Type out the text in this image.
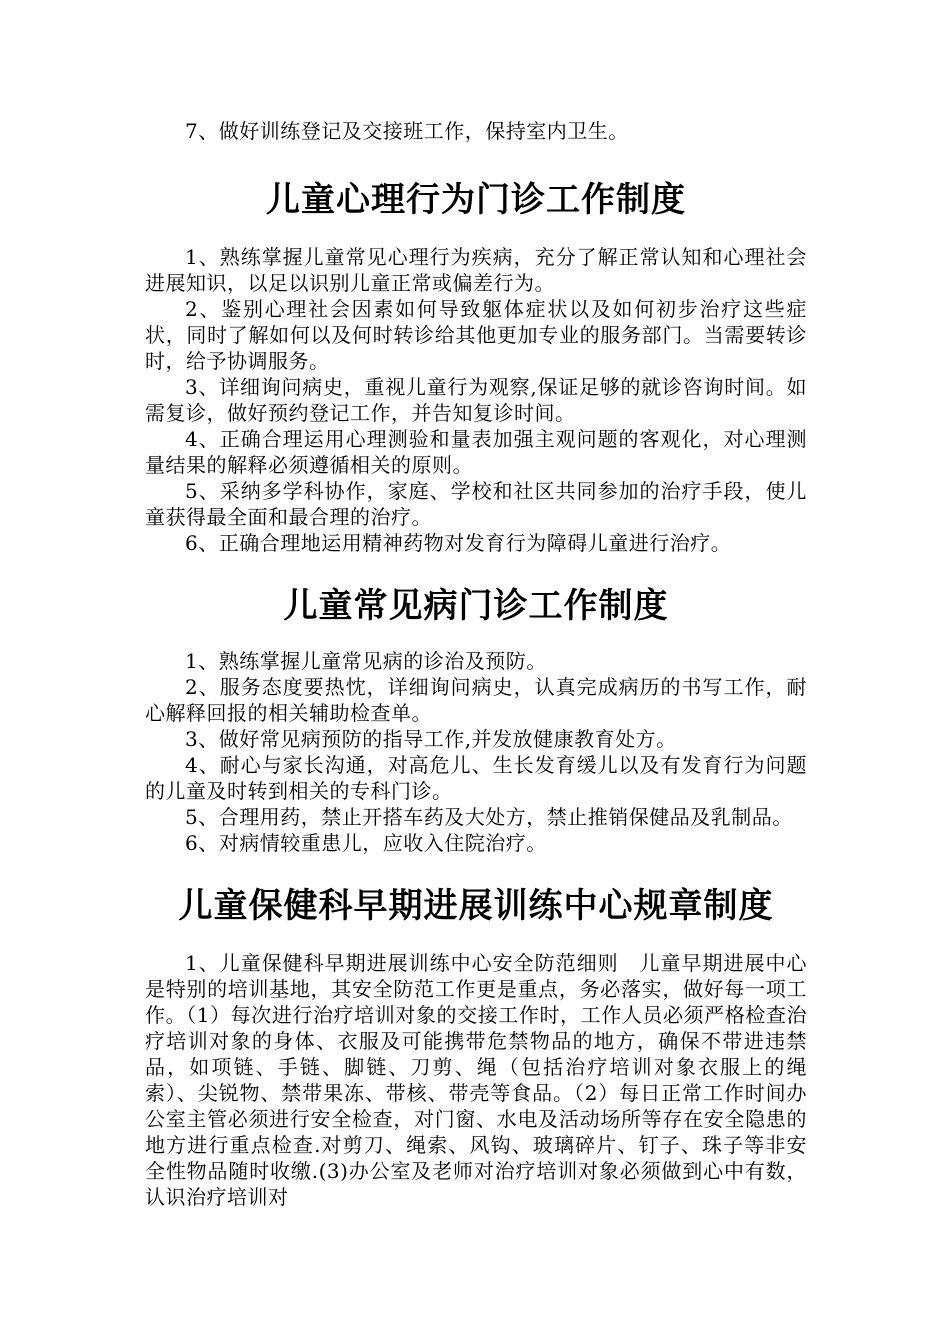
7、做好训练登记及交接班工作，保持室内卫生。

儿童心理行为门诊工作制度

1、熟练掌握儿童常见心理行为疾病，充分了解正常认知和心理社会进展知识，以足以识别儿童正常或偏差行为。

2、鉴别心理社会因素如何导致躯体症状以及如何初步治疗这些症状，同时了解如何以及何时转诊给其他更加专业的服务部门。当需要转诊时，给予协调服务。

3、详细询问病史，重视儿童行为观察,保证足够的就诊咨询时间。如需复诊，做好预约登记工作，并告知复诊时间。

4、正确合理运用心理测验和量表加强主观问题的客观化，对心理测量结果的解释必须遵循相关的原则。

5、采纳多学科协作，家庭、学校和社区共同参加的治疗手段，使儿童获得最全面和最合理的治疗。

6、正确合理地运用精神药物对发育行为障碍儿童进行治疗。

儿童常见病门诊工作制度

1、熟练掌握儿童常见病的诊治及预防。

2、服务态度要热忱，详细询问病史，认真完成病历的书写工作，耐心解释回报的相关辅助检查单。

3、做好常见病预防的指导工作,并发放健康教育处方。

4、耐心与家长沟通，对高危儿、生长发育缓儿以及有发育行为问题的儿童及时转到相关的专科门诊。

5、合理用药，禁止开搭车药及大处方，禁止推销保健品及乳制品。

6、对病情较重患儿，应收入住院治疗。

儿童保健科早期进展训练中心规章制度

1、儿童保健科早期进展训练中心安全防范细则　儿童早期进展中心是特别的培训基地，其安全防范工作更是重点，务必落实，做好每一项工作。（1）每次进行治疗培训对象的交接工作时，工作人员必须严格检查治疗培训对象的身体、衣服及可能携带危禁物品的地方，确保不带进违禁品，如项链、手链、脚链、刀剪、绳（包括治疗培训对象衣服上的绳索）、尖锐物、禁带果冻、带核、带壳等食品。（2）每日正常工作时间办公室主管必须进行安全检查，对门窗、水电及活动场所等存在安全隐患的地方进行重点检查.对剪刀、绳索、风钩、玻璃碎片、钉子、珠子等非安全性物品随时收缴.(3)办公室及老师对治疗培训对象必须做到心中有数，认识治疗培训对
